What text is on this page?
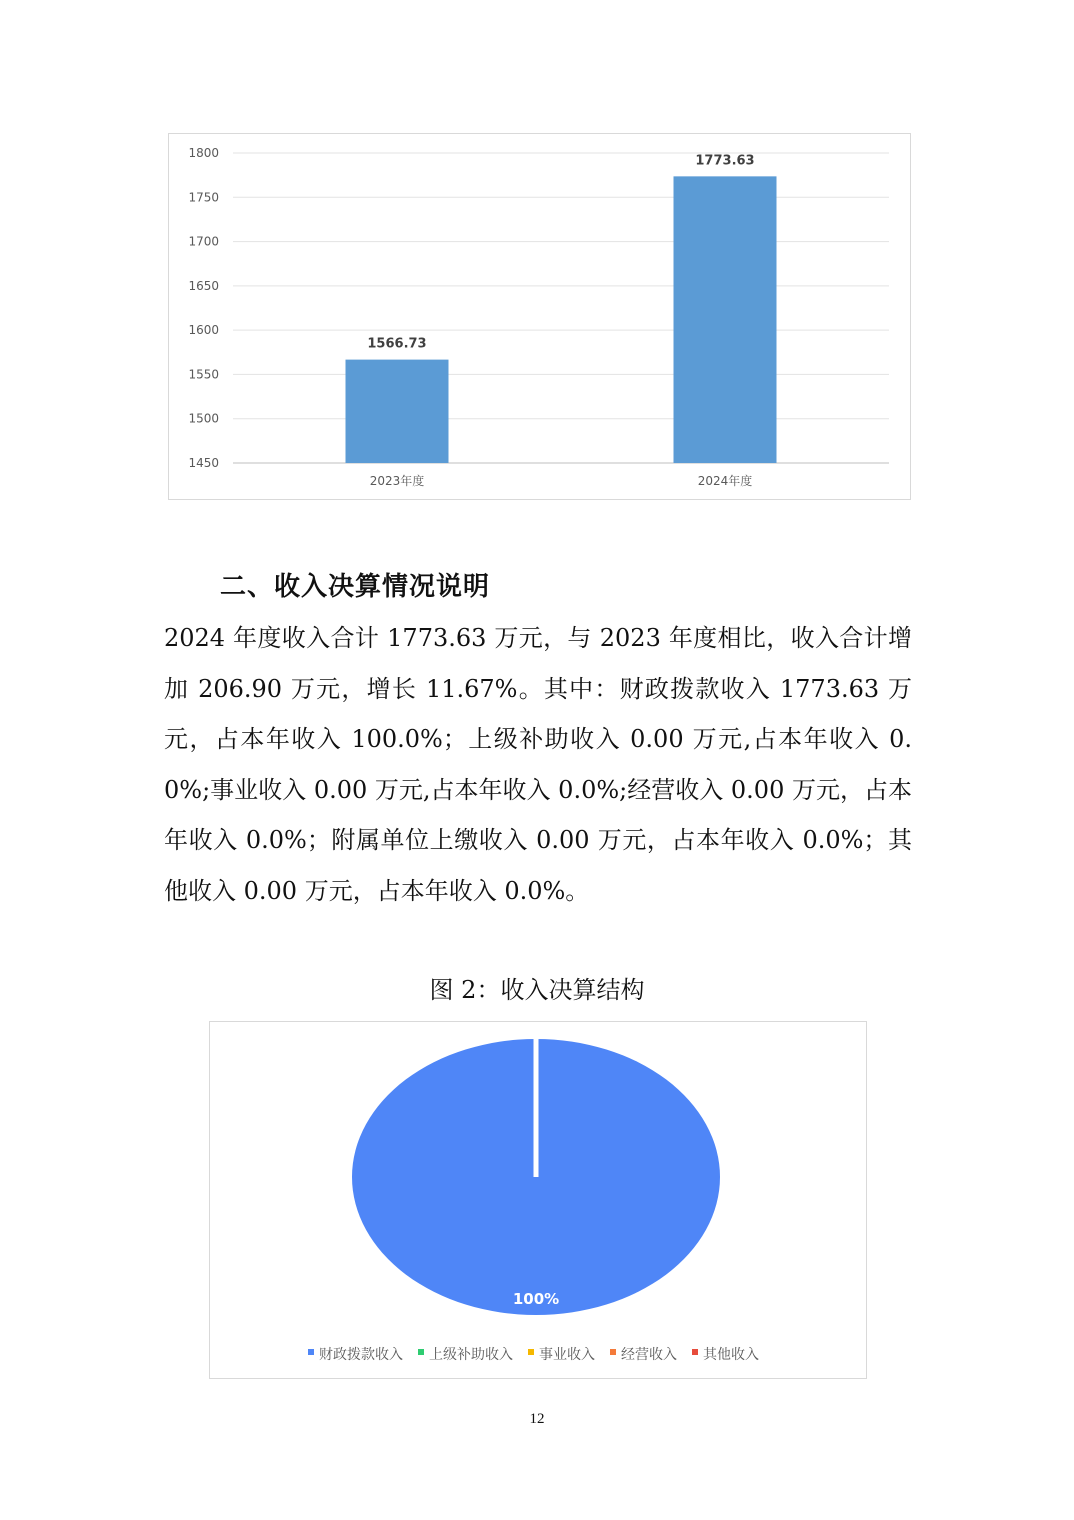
1450
1500
1550
1600
1650
1700
1750
1800
1566.73
2023年度
1773.63
2024年度
二、收入决算情况说明
2024 年度收入合计 1773.63 万元，与 2023 年度相比，收入合计增加 206.90 万元，增长 11.67%。其中：财政拨款收入 1773.63 万元，占本年收入 100.0%；上级补助收入 0.00 万元,占本年收入 0.0%;事业收入 0.00 万元,占本年收入 0.0%;经营收入 0.00 万元，占本年收入 0.0%；附属单位上缴收入 0.00 万元，占本年收入 0.0%；其他收入 0.00 万元，占本年收入 0.0%。
图 2：收入决算结构
100%
财政拨款收入 上级补助收入 事业收入 经营收入 其他收入
12
